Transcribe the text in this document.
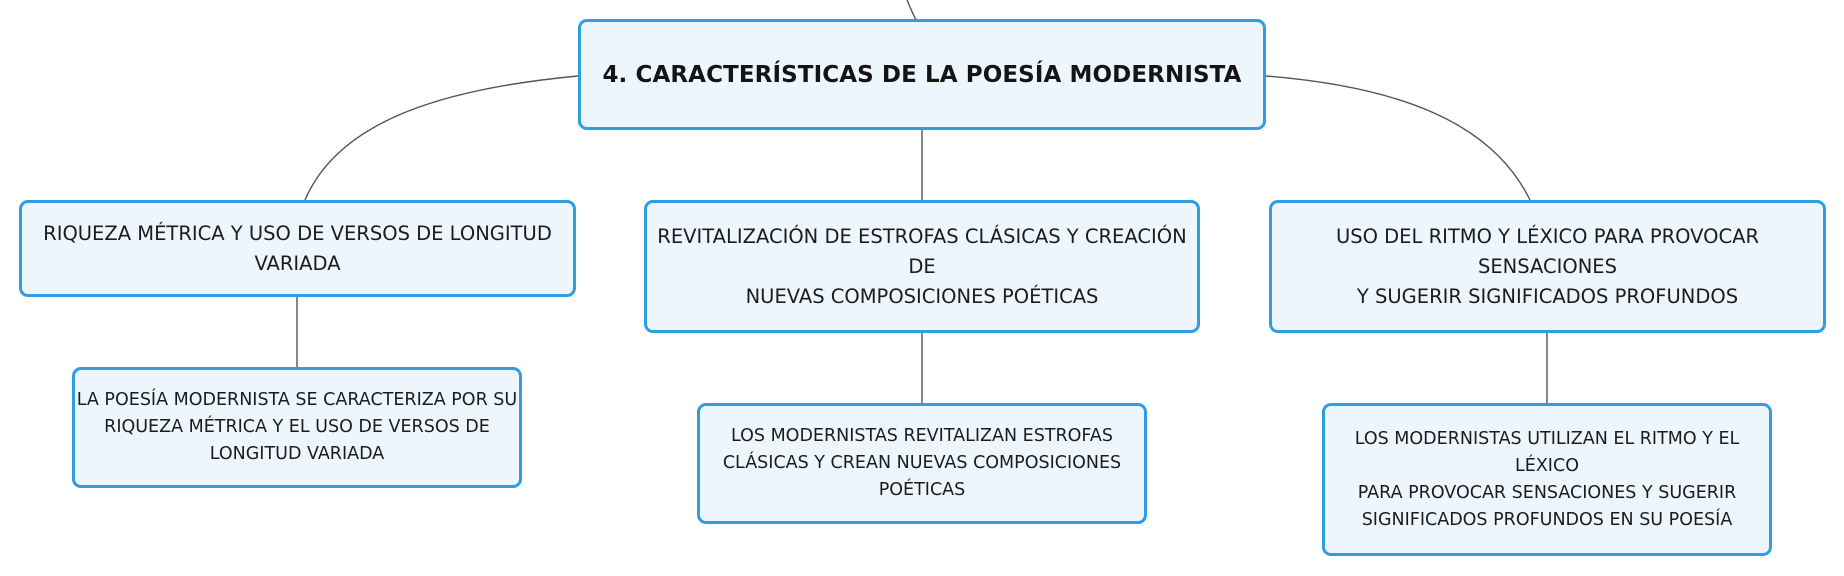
4. CARACTERÍSTICAS DE LA POESÍA MODERNISTA
RIQUEZA MÉTRICA Y USO DE VERSOS DE LONGITUD
VARIADA
REVITALIZACIÓN DE ESTROFAS CLÁSICAS Y CREACIÓN DE
NUEVAS COMPOSICIONES POÉTICAS
USO DEL RITMO Y LÉXICO PARA PROVOCAR SENSACIONES
Y SUGERIR SIGNIFICADOS PROFUNDOS
LA POESÍA MODERNISTA SE CARACTERIZA POR SU
RIQUEZA MÉTRICA Y EL USO DE VERSOS DE
LONGITUD VARIADA
LOS MODERNISTAS REVITALIZAN ESTROFAS
CLÁSICAS Y CREAN NUEVAS COMPOSICIONES
POÉTICAS
LOS MODERNISTAS UTILIZAN EL RITMO Y EL LÉXICO
PARA PROVOCAR SENSACIONES Y SUGERIR
SIGNIFICADOS PROFUNDOS EN SU POESÍA
